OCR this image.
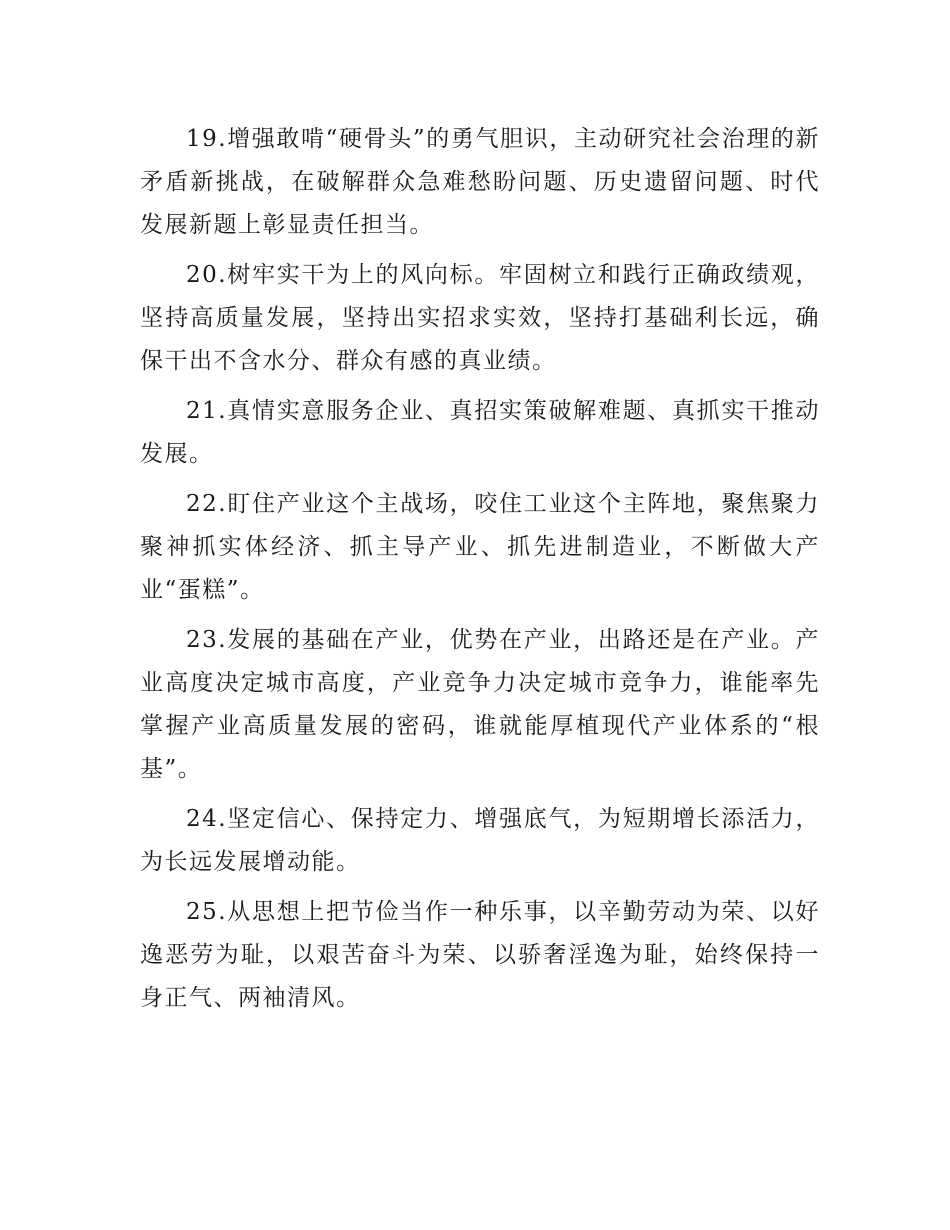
19.增强敢啃“硬骨头”的勇气胆识，主动研究社会治理的新矛盾新挑战，在破解群众急难愁盼问题、历史遗留问题、时代发展新题上彰显责任担当。

20.树牢实干为上的风向标。牢固树立和践行正确政绩观，坚持高质量发展，坚持出实招求实效，坚持打基础利长远，确保干出不含水分、群众有感的真业绩。

21.真情实意服务企业、真招实策破解难题、真抓实干推动发展。

22.盯住产业这个主战场，咬住工业这个主阵地，聚焦聚力聚神抓实体经济、抓主导产业、抓先进制造业，不断做大产业“蛋糕”。

23.发展的基础在产业，优势在产业，出路还是在产业。产业高度决定城市高度，产业竞争力决定城市竞争力，谁能率先掌握产业高质量发展的密码，谁就能厚植现代产业体系的“根基”。

24.坚定信心、保持定力、增强底气，为短期增长添活力，为长远发展增动能。

25.从思想上把节俭当作一种乐事，以辛勤劳动为荣、以好逸恶劳为耻，以艰苦奋斗为荣、以骄奢淫逸为耻，始终保持一身正气、两袖清风。
